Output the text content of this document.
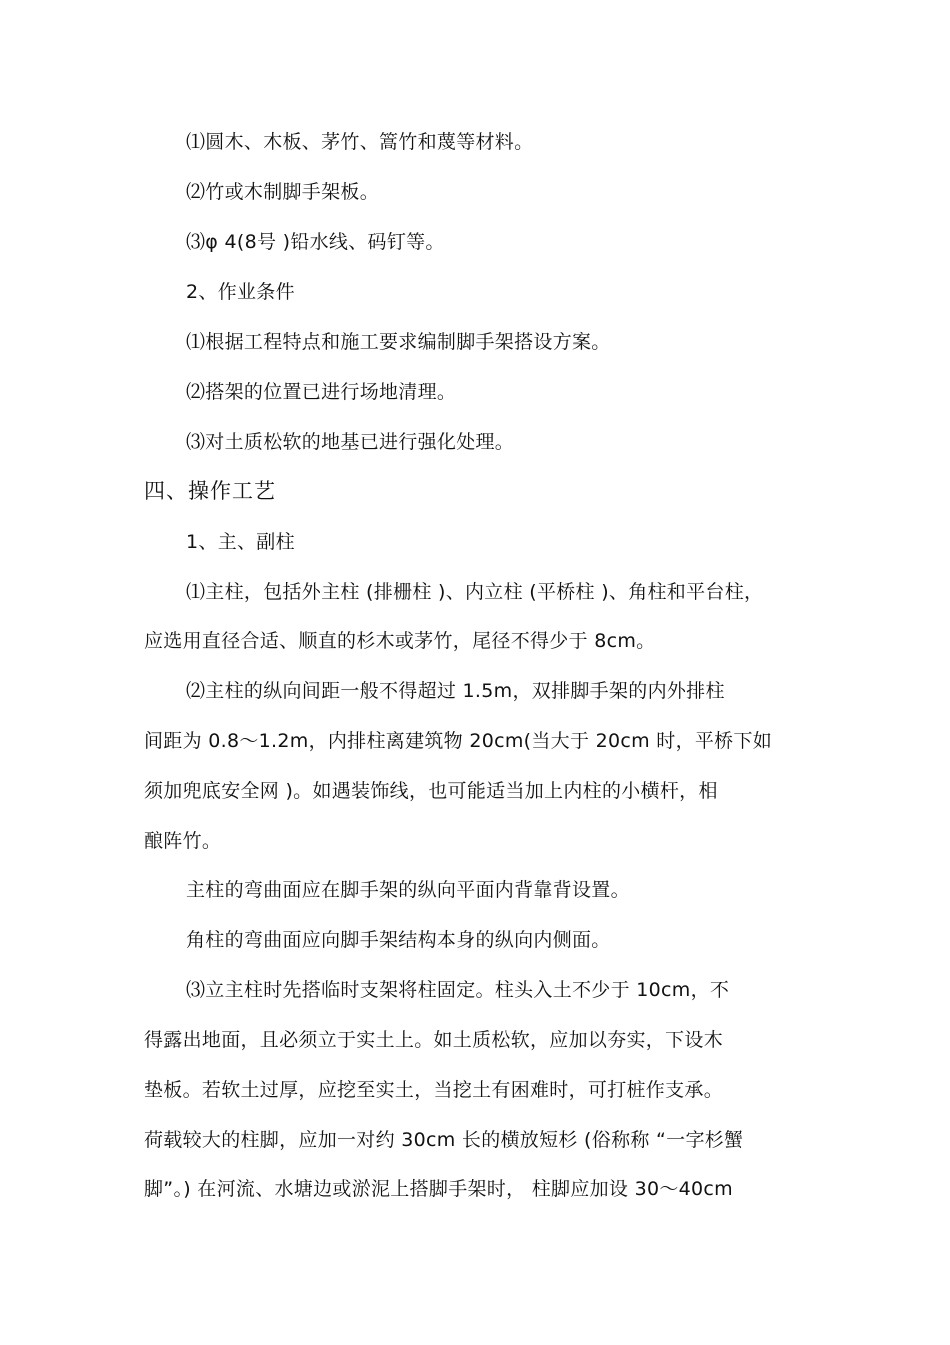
⑴圆木、木板、茅竹、篙竹和蔑等材料。
⑵竹或木制脚手架板。
⑶φ 4(8号 )铅水线、码钉等。
2、作业条件
⑴根据工程特点和施工要求编制脚手架搭设方案。
⑵搭架的位置已进行场地清理。
⑶对土质松软的地基已进行强化处理。
四、操作工艺
1、主、副柱
⑴主柱，包括外主柱 (排栅柱 )、内立柱 (平桥柱 )、角柱和平台柱，
应选用直径合适、顺直的杉木或茅竹，尾径不得少于 8cm。
⑵主柱的纵向间距一般不得超过 1.5m，双排脚手架的内外排柱
间距为 0.8～1.2m，内排柱离建筑物 20cm(当大于 20cm 时，平桥下如
须加兜底安全网 )。如遇装饰线，也可能适当加上内柱的小横杆，相
酿阵竹。
主柱的弯曲面应在脚手架的纵向平面内背靠背设置。
角柱的弯曲面应向脚手架结构本身的纵向内侧面。
⑶立主柱时先搭临时支架将柱固定。柱头入土不少于 10cm，不
得露出地面，且必须立于实土上。如土质松软，应加以夯实，下设木
垫板。若软土过厚，应挖至实土，当挖土有困难时，可打桩作支承。
荷载较大的柱脚，应加一对约 30cm 长的横放短杉 (俗称称 “一字杉蟹
脚”。) 在河流、水塘边或淤泥上搭脚手架时， 柱脚应加设 30～40cm
